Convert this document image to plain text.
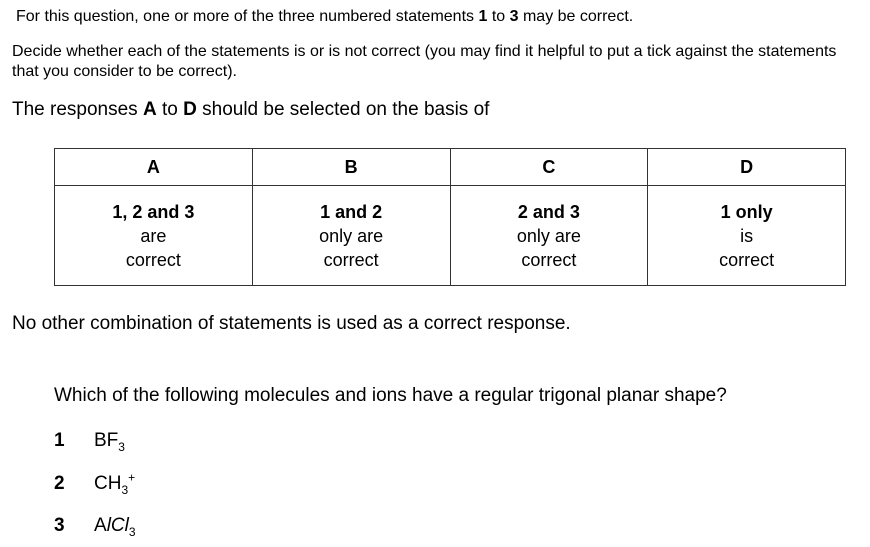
For this question, one or more of the three numbered statements 1 to 3 may be correct.
Decide whether each of the statements is or is not correct (you may find it helpful to put a tick against the statements that you consider to be correct).
The responses A to D should be selected on the basis of
A	B	C	D
1, 2 and 3
are
correct	1 and 2
only are
correct	2 and 3
only are
correct	1 only
is
correct
No other combination of statements is used as a correct response.
Which of the following molecules and ions have a regular trigonal planar shape?
1 $BF_3$
2 $CH_3^+$
3 AlCl$_3$
